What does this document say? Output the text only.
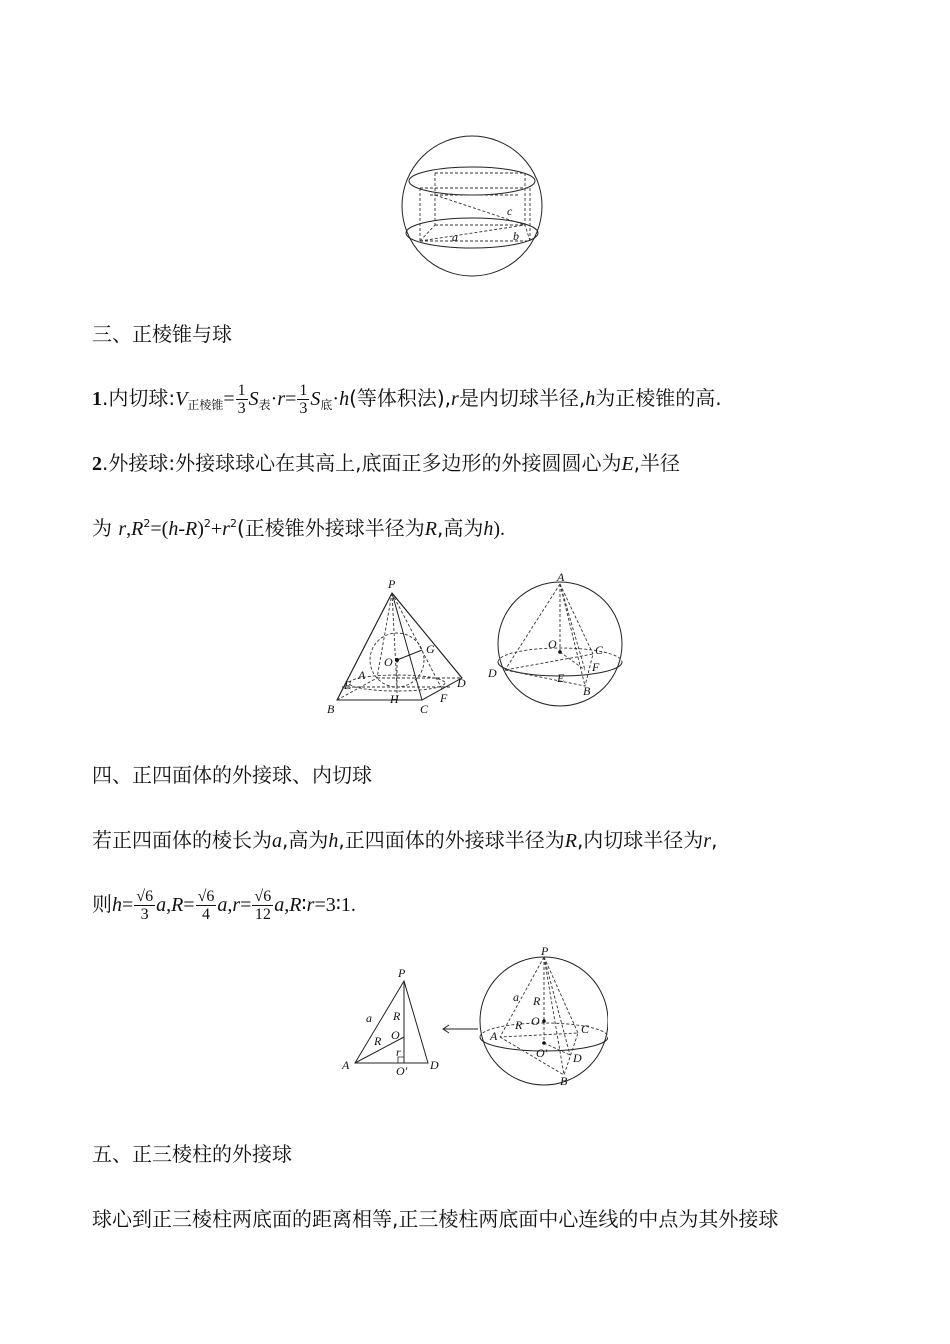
c
a	b
三、正棱锥与球
1.内切球$:V_{正棱锥}= \frac{1}{3} S_表\cdot r= \frac{1}{3} S_底\cdot h$(等体积法),r是内切球半径,h为正棱锥的高.
2.外接球:外接球球心在其高上,底面正多边形的外接圆圆心为E,半径
为 $r,R^2=(h-R)^2+r^2$(正棱锥外接球半径为R,高为h).
P
G
O
A
E	D
B
H
C
F
A
O	C
F
D	E
B
四、正四面体的外接球、内切球
若正四面体的棱长为a,高为h,正四面体的外接球半径为R,内切球半径为r,
则$h= \frac{√6}{3} a,R= \frac{√6}{4} a,r= \frac{√6}{12}$ a,R∶r=3∶1.
P
a R
O
R
r
A	O′ D
P
a R
R O
C
A
O′ D
B
五、正三棱柱的外接球
球心到正三棱柱两底面的距离相等,正三棱柱两底面中心连线的中点为其外接球
